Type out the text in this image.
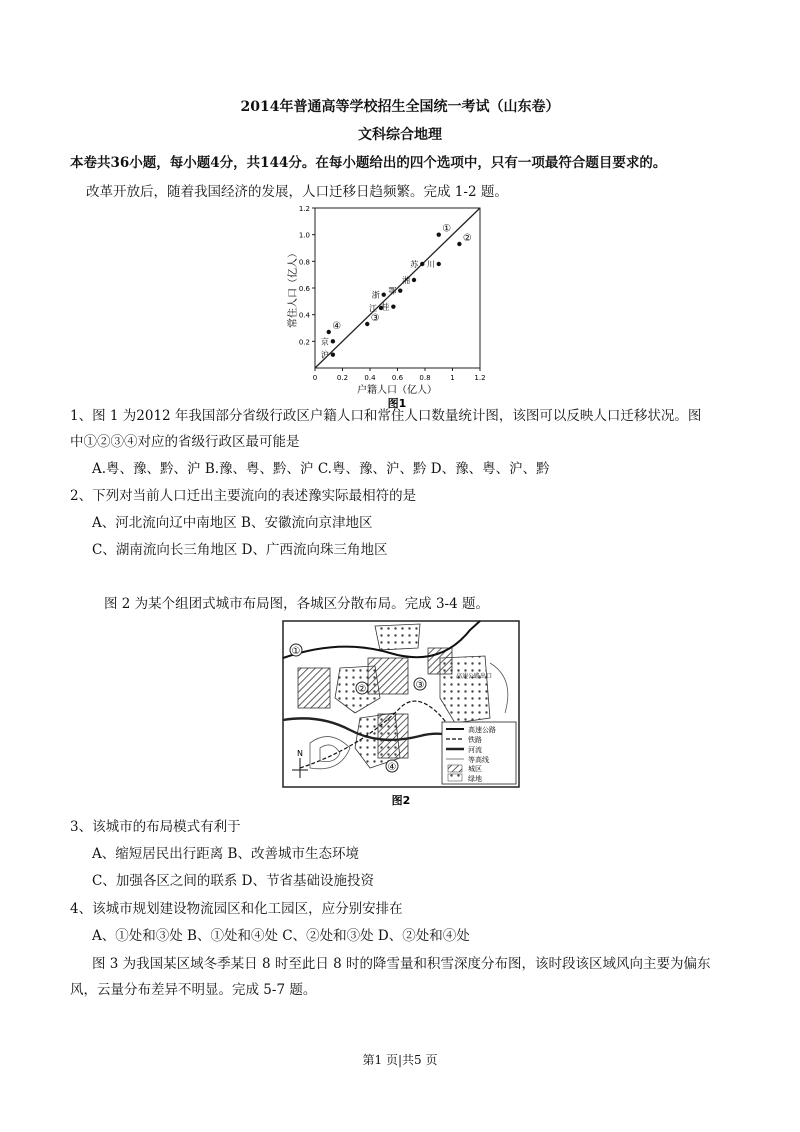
2014年普通高等学校招生全国统一考试（山东卷）
文科综合地理
本卷共36小题，每小题4分，共144分。在每小题给出的四个选项中，只有一项最符合题目要求的。
改革开放后，随着我国经济的发展，人口迁移日趋频繁。完成 1-2 题。
0	0.2 0.4 0.6 0.8	1	1.2
0.2
0.4
0.6
0.8
1.0
1.2
①
②
苏 川
湘
鄂
浙
江 桂
③
④
京
沪
常住人口（亿人）
户籍人口（亿人）
图1
1、图 1 为2012 年我国部分省级行政区户籍人口和常住人口数量统计图，该图可以反映人口迁移状况。图
中①②③④对应的省级行政区最可能是
A.粤、豫、黔、沪 B.豫、粤、黔、沪 C.粤、豫、沪、黔 D、豫、粤、沪、黔
2、下列对当前人口迁出主要流向的表述豫实际最相符的是
A、河北流向辽中南地区 B、安徽流向京津地区
C、湖南流向长三角地区 D、广西流向珠三角地区
图 2 为某个组团式城市布局图，各城区分散布局。完成 3-4 题。
①
②	③
④
高速公路出口
N
高速公路
铁路
河流
等高线
城区
绿地
图2
3、该城市的布局模式有利于
A、缩短居民出行距离 B、改善城市生态环境
C、加强各区之间的联系 D、节省基础设施投资
4、该城市规划建设物流园区和化工园区，应分别安排在
A、①处和③处 B、①处和④处 C、②处和③处 D、②处和④处
图 3 为我国某区域冬季某日 8 时至此日 8 时的降雪量和积雪深度分布图，该时段该区域风向主要为偏东
风，云量分布差异不明显。完成 5-7 题。
第1 页|共5 页
